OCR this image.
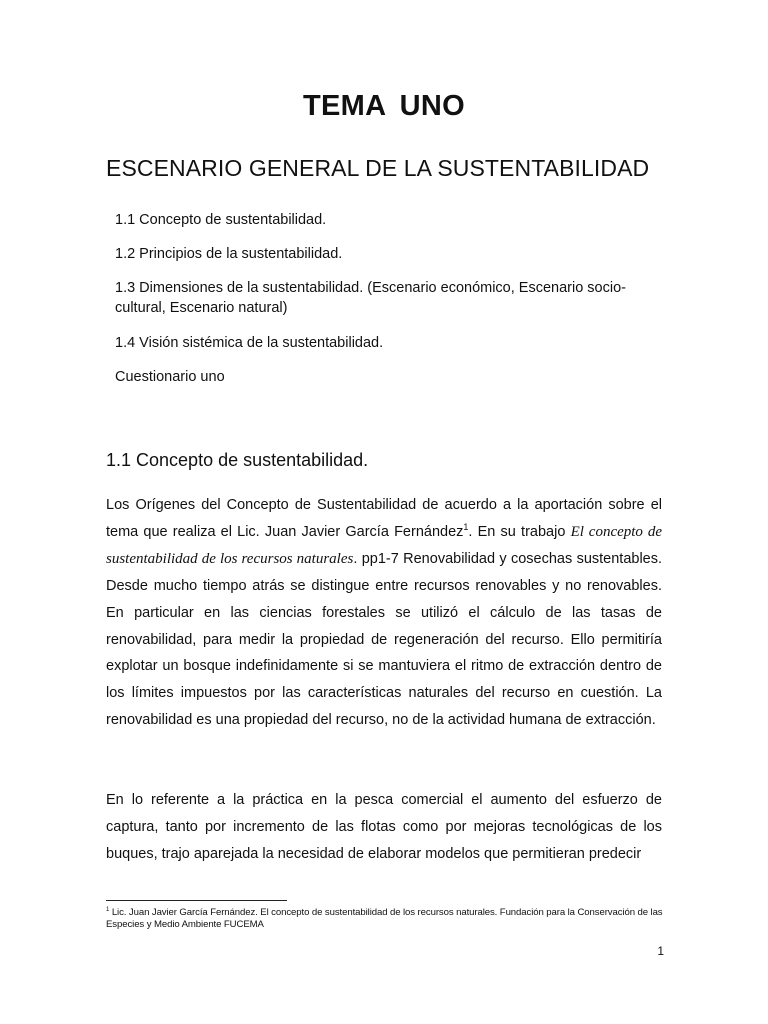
TEMA UNO
ESCENARIO GENERAL DE LA SUSTENTABILIDAD
1.1 Concepto de sustentabilidad.
1.2 Principios de la sustentabilidad.
1.3 Dimensiones de la sustentabilidad. (Escenario económico, Escenario socio-cultural, Escenario natural)
1.4 Visión sistémica de la sustentabilidad.
Cuestionario uno
1.1 Concepto de sustentabilidad.

Los Orígenes del Concepto de Sustentabilidad de acuerdo a la aportación sobre el tema que realiza el Lic. Juan Javier García Fernández$^1$. En su trabajo El concepto de sustentabilidad de los recursos naturales. pp1-7 Renovabilidad y cosechas sustentables. Desde mucho tiempo atrás se distingue entre recursos renovables y no renovables. En particular en las ciencias forestales se utilizó el cálculo de las tasas de renovabilidad, para medir la propiedad de regeneración del recurso. Ello permitiría explotar un bosque indefinidamente si se mantuviera el ritmo de extracción dentro de los límites impuestos por las características naturales del recurso en cuestión. La renovabilidad es una propiedad del recurso, no de la actividad humana de extracción.

En lo referente a la práctica en la pesca comercial el aumento del esfuerzo de captura, tanto por incremento de las flotas como por mejoras tecnológicas de los buques, trajo aparejada la necesidad de elaborar modelos que permitieran predecir

$^1$ Lic. Juan Javier García Fernández. El concepto de sustentabilidad de los recursos naturales. Fundación para la Conservación de las Especies y Medio Ambiente FUCEMA

1
